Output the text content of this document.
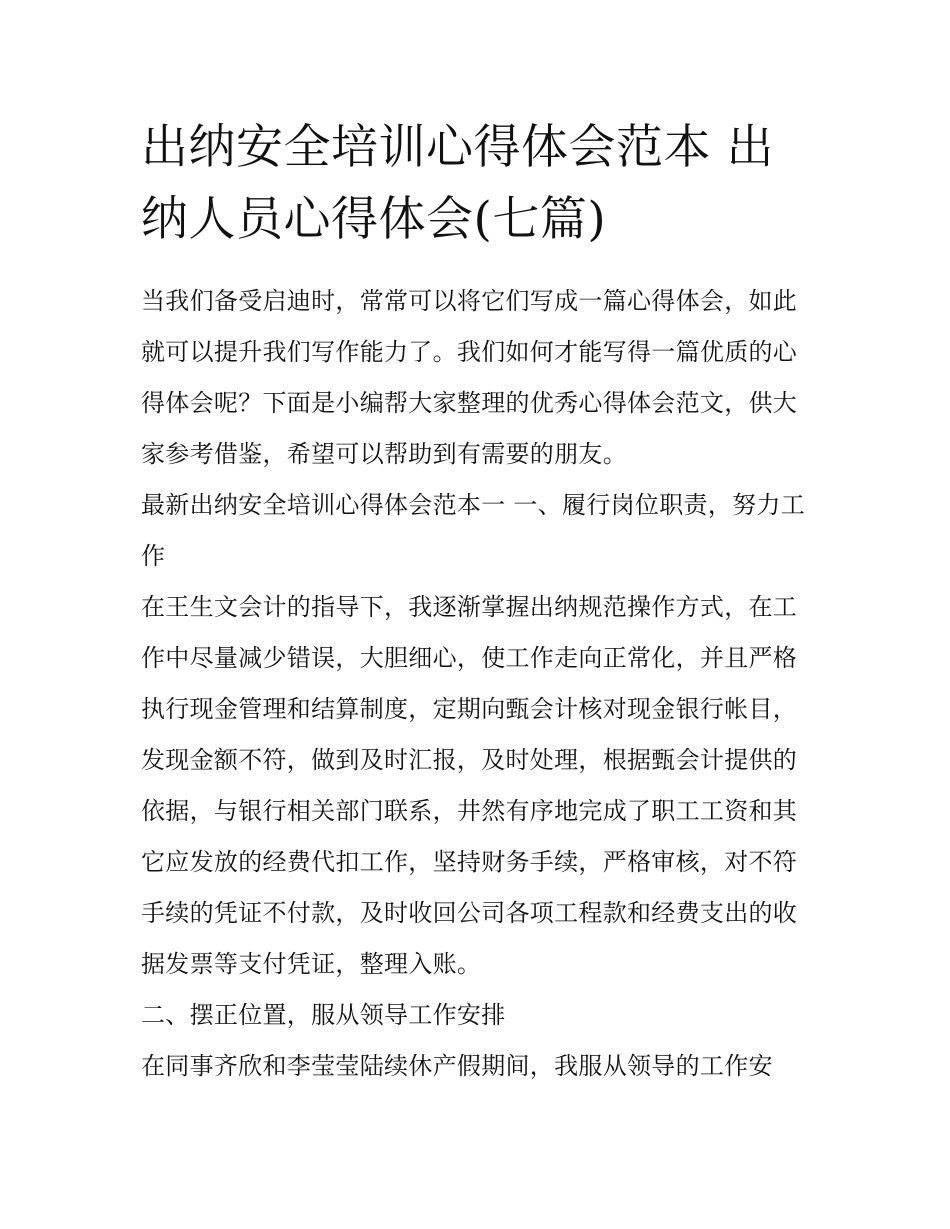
出纳安全培训心得体会范本 出纳人员心得体会(七篇)

当我们备受启迪时，常常可以将它们写成一篇心得体会，如此就可以提升我们写作能力了。我们如何才能写得一篇优质的心得体会呢？下面是小编帮大家整理的优秀心得体会范文，供大家参考借鉴，希望可以帮助到有需要的朋友。

最新出纳安全培训心得体会范本一 一、履行岗位职责，努力工作

在王生文会计的指导下，我逐渐掌握出纳规范操作方式，在工作中尽量减少错误，大胆细心，使工作走向正常化，并且严格执行现金管理和结算制度，定期向甄会计核对现金银行帐目，发现金额不符，做到及时汇报，及时处理，根据甄会计提供的依据，与银行相关部门联系，井然有序地完成了职工工资和其它应发放的经费代扣工作，坚持财务手续，严格审核，对不符手续的凭证不付款，及时收回公司各项工程款和经费支出的收据发票等支付凭证，整理入账。

二、摆正位置，服从领导工作安排

在同事齐欣和李莹莹陆续休产假期间，我服从领导的工作安
